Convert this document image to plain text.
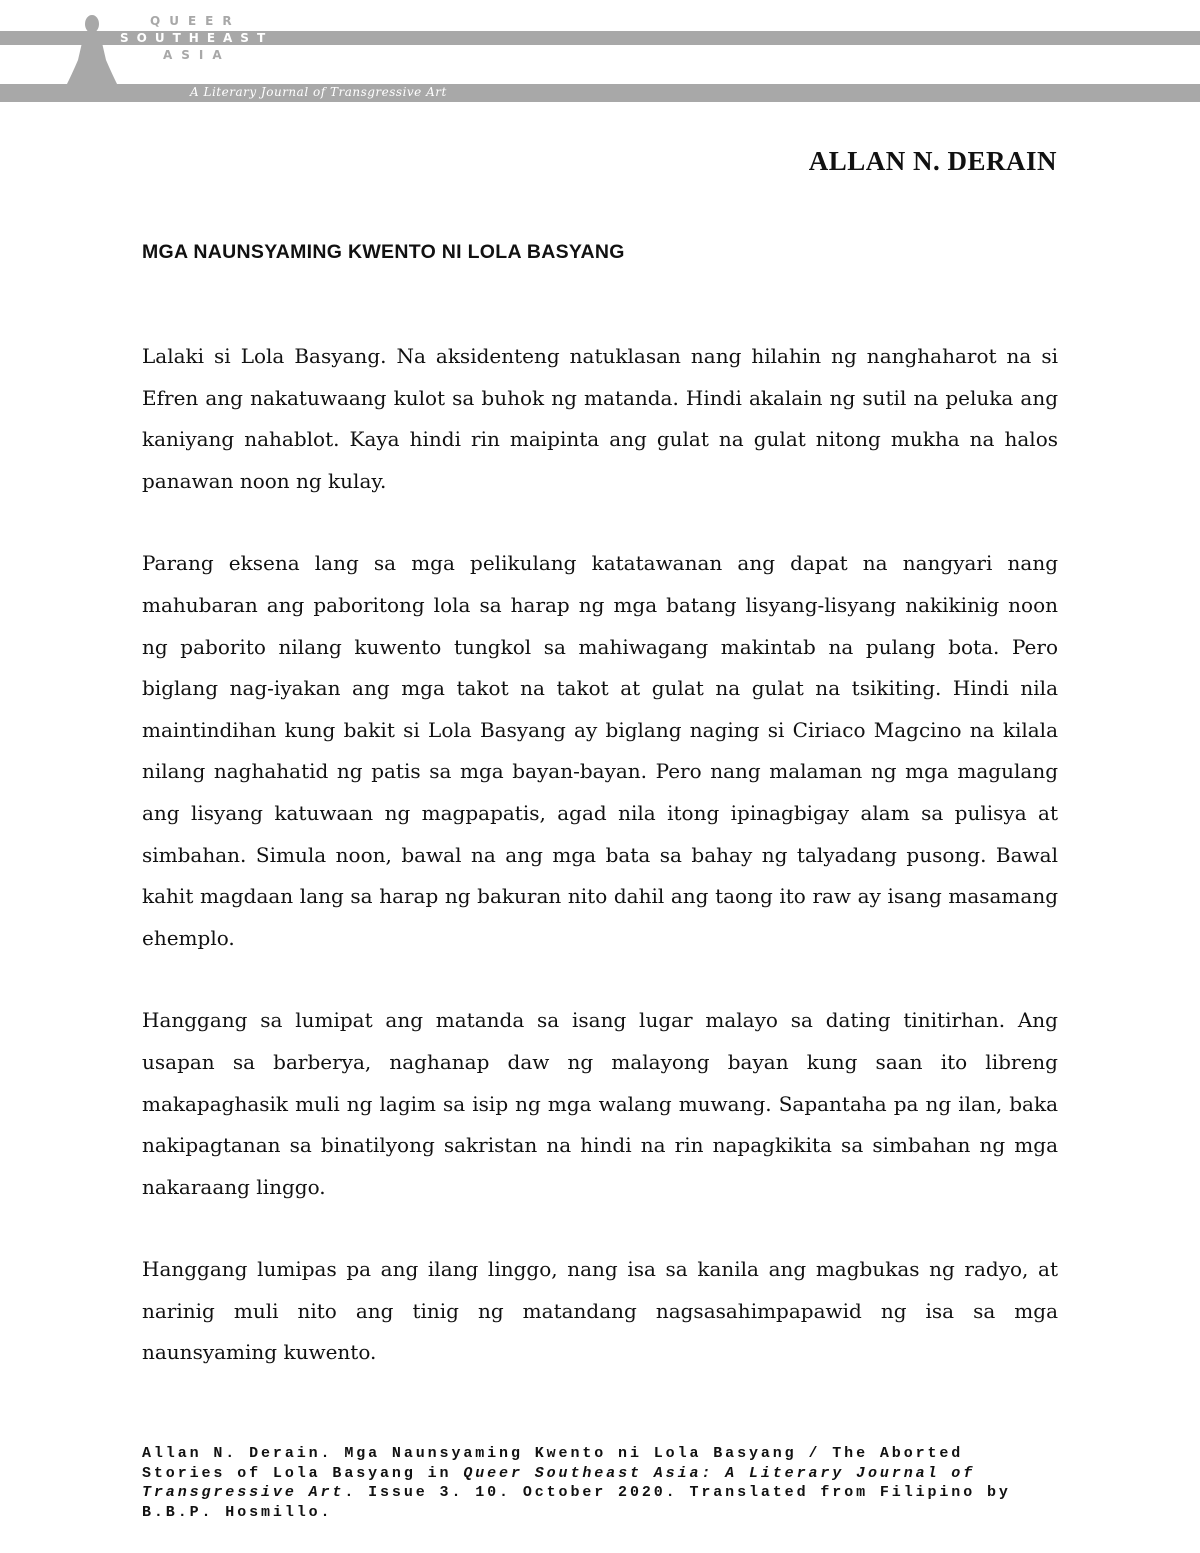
QUEER
SOUTHEAST
ASIA
A Literary Journal of Transgressive Art
ALLAN N. DERAIN
MGA NAUNSYAMING KWENTO NI LOLA BASYANG

Lalaki si Lola Basyang. Na aksidenteng natuklasan nang hilahin ng nanghaharot na si Efren ang nakatuwaang kulot sa buhok ng matanda. Hindi akalain ng sutil na peluka ang kaniyang nahablot. Kaya hindi rin maipinta ang gulat na gulat nitong mukha na halos panawan noon ng kulay.

Parang eksena lang sa mga pelikulang katatawanan ang dapat na nangyari nang mahubaran ang paboritong lola sa harap ng mga batang lisyang-lisyang nakikinig noon ng paborito nilang kuwento tungkol sa mahiwagang makintab na pulang bota. Pero biglang nag-iyakan ang mga takot na takot at gulat na gulat na tsikiting. Hindi nila maintindihan kung bakit si Lola Basyang ay biglang naging si Ciriaco Magcino na kilala nilang naghahatid ng patis sa mga bayan-bayan. Pero nang malaman ng mga magulang ang lisyang katuwaan ng magpapatis, agad nila itong ipinagbigay alam sa pulisya at simbahan. Simula noon, bawal na ang mga bata sa bahay ng talyadang pusong. Bawal kahit magdaan lang sa harap ng bakuran nito dahil ang taong ito raw ay isang masamang ehemplo.

Hanggang sa lumipat ang matanda sa isang lugar malayo sa dating tinitirhan. Ang usapan sa barberya, naghanap daw ng malayong bayan kung saan ito libreng makapaghasik muli ng lagim sa isip ng mga walang muwang. Sapantaha pa ng ilan, baka nakipagtanan sa binatilyong sakristan na hindi na rin napagkikita sa simbahan ng mga nakaraang linggo.

Hanggang lumipas pa ang ilang linggo, nang isa sa kanila ang magbukas ng radyo, at narinig muli nito ang tinig ng matandang nagsasahimpapawid ng isa sa mga naunsyaming kuwento.

Allan N. Derain. Mga Naunsyaming Kwento ni Lola Basyang / The Aborted Stories of Lola Basyang in Queer Southeast Asia: A Literary Journal of Transgressive Art. Issue 3. 10. October 2020. Translated from Filipino by B.B.P. Hosmillo.
